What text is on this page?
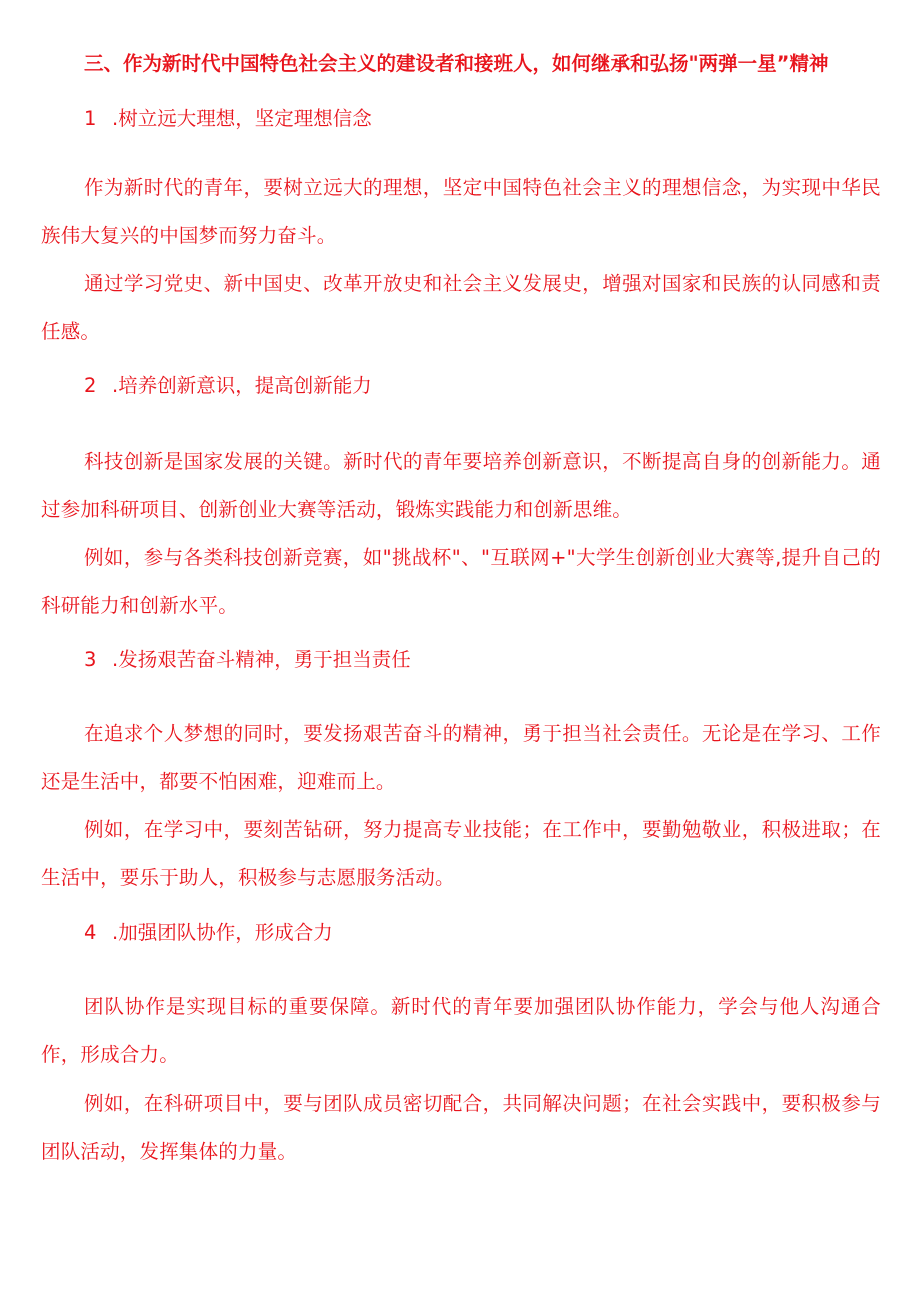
三、作为新时代中国特色社会主义的建设者和接班人，如何继承和弘扬"两弹一星”精神
1 .树立远大理想，坚定理想信念
作为新时代的青年，要树立远大的理想，坚定中国特色社会主义的理想信念，为实现中华民族伟大复兴的中国梦而努力奋斗。
通过学习党史、新中国史、改革开放史和社会主义发展史，增强对国家和民族的认同感和责任感。
2 .培养创新意识，提高创新能力
科技创新是国家发展的关键。新时代的青年要培养创新意识，不断提高自身的创新能力。通过参加科研项目、创新创业大赛等活动，锻炼实践能力和创新思维。
例如，参与各类科技创新竞赛，如"挑战杯"、"互联网+"大学生创新创业大赛等,提升自己的科研能力和创新水平。
3 .发扬艰苦奋斗精神，勇于担当责任
在追求个人梦想的同时，要发扬艰苦奋斗的精神，勇于担当社会责任。无论是在学习、工作还是生活中，都要不怕困难，迎难而上。
例如，在学习中，要刻苦钻研，努力提高专业技能；在工作中，要勤勉敬业，积极进取；在生活中，要乐于助人，积极参与志愿服务活动。
4 .加强团队协作，形成合力
团队协作是实现目标的重要保障。新时代的青年要加强团队协作能力，学会与他人沟通合作，形成合力。
例如，在科研项目中，要与团队成员密切配合，共同解决问题；在社会实践中，要积极参与团队活动，发挥集体的力量。
